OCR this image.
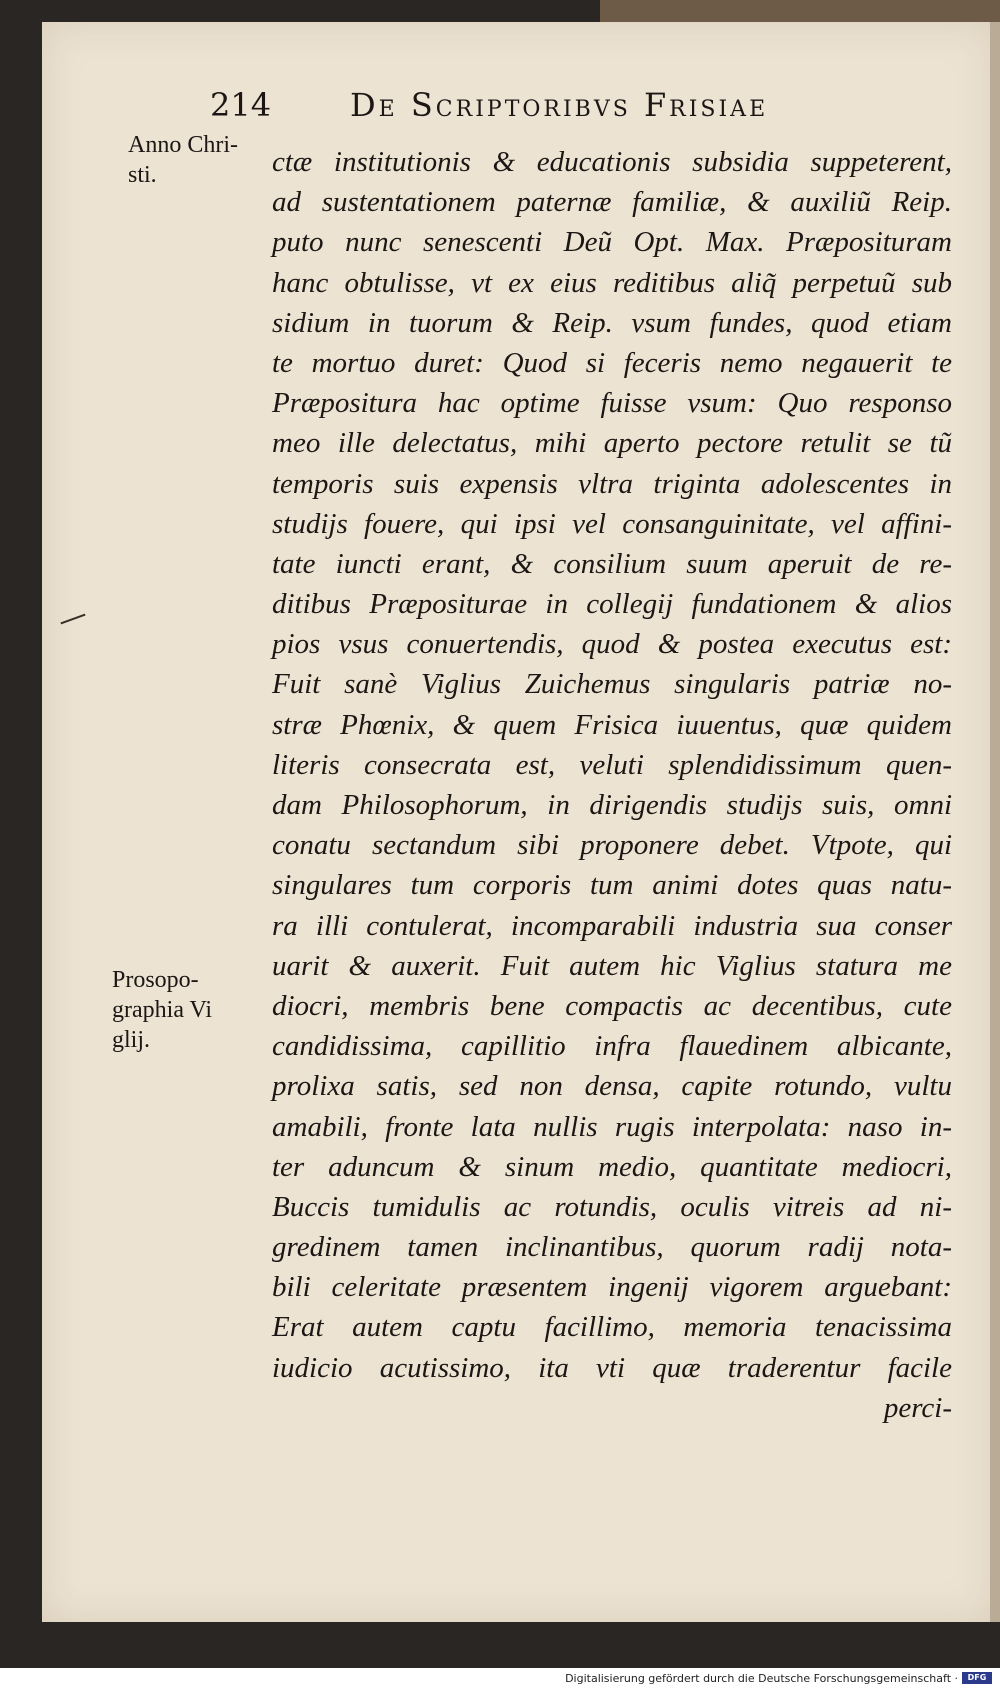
214 De Scriptoribvs Frisiae
Anno Chri-
sti.
Prosopo-
graphia Vi
glij.
ctæ institutionis & educationis subsidia suppeterent,
ad sustentationem paternæ familiæ, & auxiliũ Reip.
puto nunc senescenti Deũ Opt. Max. Præposituram
hanc obtulisse, vt ex eius reditibus aliq̃ perpetuũ sub
sidium in tuorum & Reip. vsum fundes, quod etiam
te mortuo duret: Quod si feceris nemo negauerit te
Præpositura hac optime fuisse vsum: Quo responso
meo ille delectatus, mihi aperto pectore retulit se tũ
temporis suis expensis vltra triginta adolescentes in
studijs fouere, qui ipsi vel consanguinitate, vel affini-
tate iuncti erant, & consilium suum aperuit de re-
ditibus Præpositurae in collegij fundationem & alios
pios vsus conuertendis, quod & postea executus est:
Fuit sanè Viglius Zuichemus singularis patriæ no-
stræ Phœnix, & quem Frisica iuuentus, quæ quidem
literis consecrata est, veluti splendidissimum quen-
dam Philosophorum, in dirigendis studijs suis, omni
conatu sectandum sibi proponere debet. Vtpote, qui
singulares tum corporis tum animi dotes quas natu-
ra illi contulerat, incomparabili industria sua conser
uarit & auxerit. Fuit autem hic Viglius statura me
diocri, membris bene compactis ac decentibus, cute
candidissima, capillitio infra flauedinem albicante,
prolixa satis, sed non densa, capite rotundo, vultu
amabili, fronte lata nullis rugis interpolata: naso in-
ter aduncum & sinum medio, quantitate mediocri,
Buccis tumidulis ac rotundis, oculis vitreis ad ni-
gredinem tamen inclinantibus, quorum radij nota-
bili celeritate præsentem ingenij vigorem arguebant:
Erat autem captu facillimo, memoria tenacissima
iudicio acutissimo, ita vti quæ traderentur facile
perci-
Digitalisierung gefördert durch die Deutsche Forschungsgemeinschaft ·	DFG
